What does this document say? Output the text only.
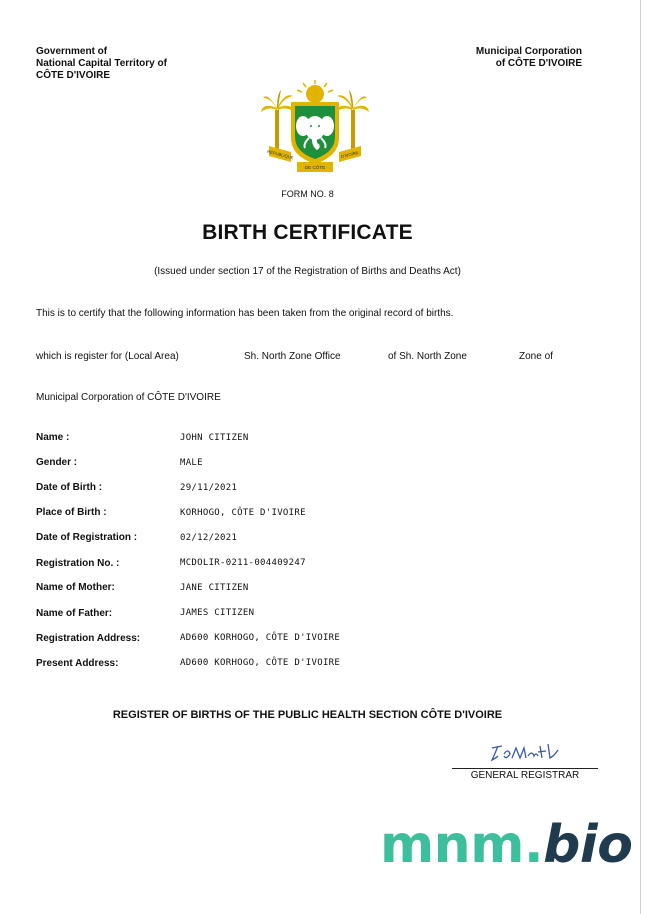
Government of
National Capital Territory of
CÔTE D'IVOIRE
Municipal Corporation
of CÔTE D'IVOIRE
RÉPUBLIQUE
DE CÔTE
D'IVOIRE
FORM NO. 8
BIRTH CERTIFICATE
(Issued under section 17 of the Registration of Births and Deaths Act)
This is to certify that the following information has been taken from the original record of births.
which is register for (Local Area)	Sh. North Zone Office	of Sh. North Zone	Zone of
Municipal Corporation of CÔTE D'IVOIRE
Name :	JOHN CITIZEN
Gender :	MALE
Date of Birth :	29/11/2021
Place of Birth :	KORHOGO, CÔTE D'IVOIRE
Date of Registration :	02/12/2021
Registration No. :	MCDOLIR-0211-004409247
Name of Mother:	JANE CITIZEN
Name of Father:	JAMES CITIZEN
Registration Address:	AD600 KORHOGO, CÔTE D'IVOIRE
Present Address:	AD600 KORHOGO, CÔTE D'IVOIRE
REGISTER OF BIRTHS OF THE PUBLIC HEALTH SECTION CÔTE D'IVOIRE
GENERAL REGISTRAR
mnm.bio
